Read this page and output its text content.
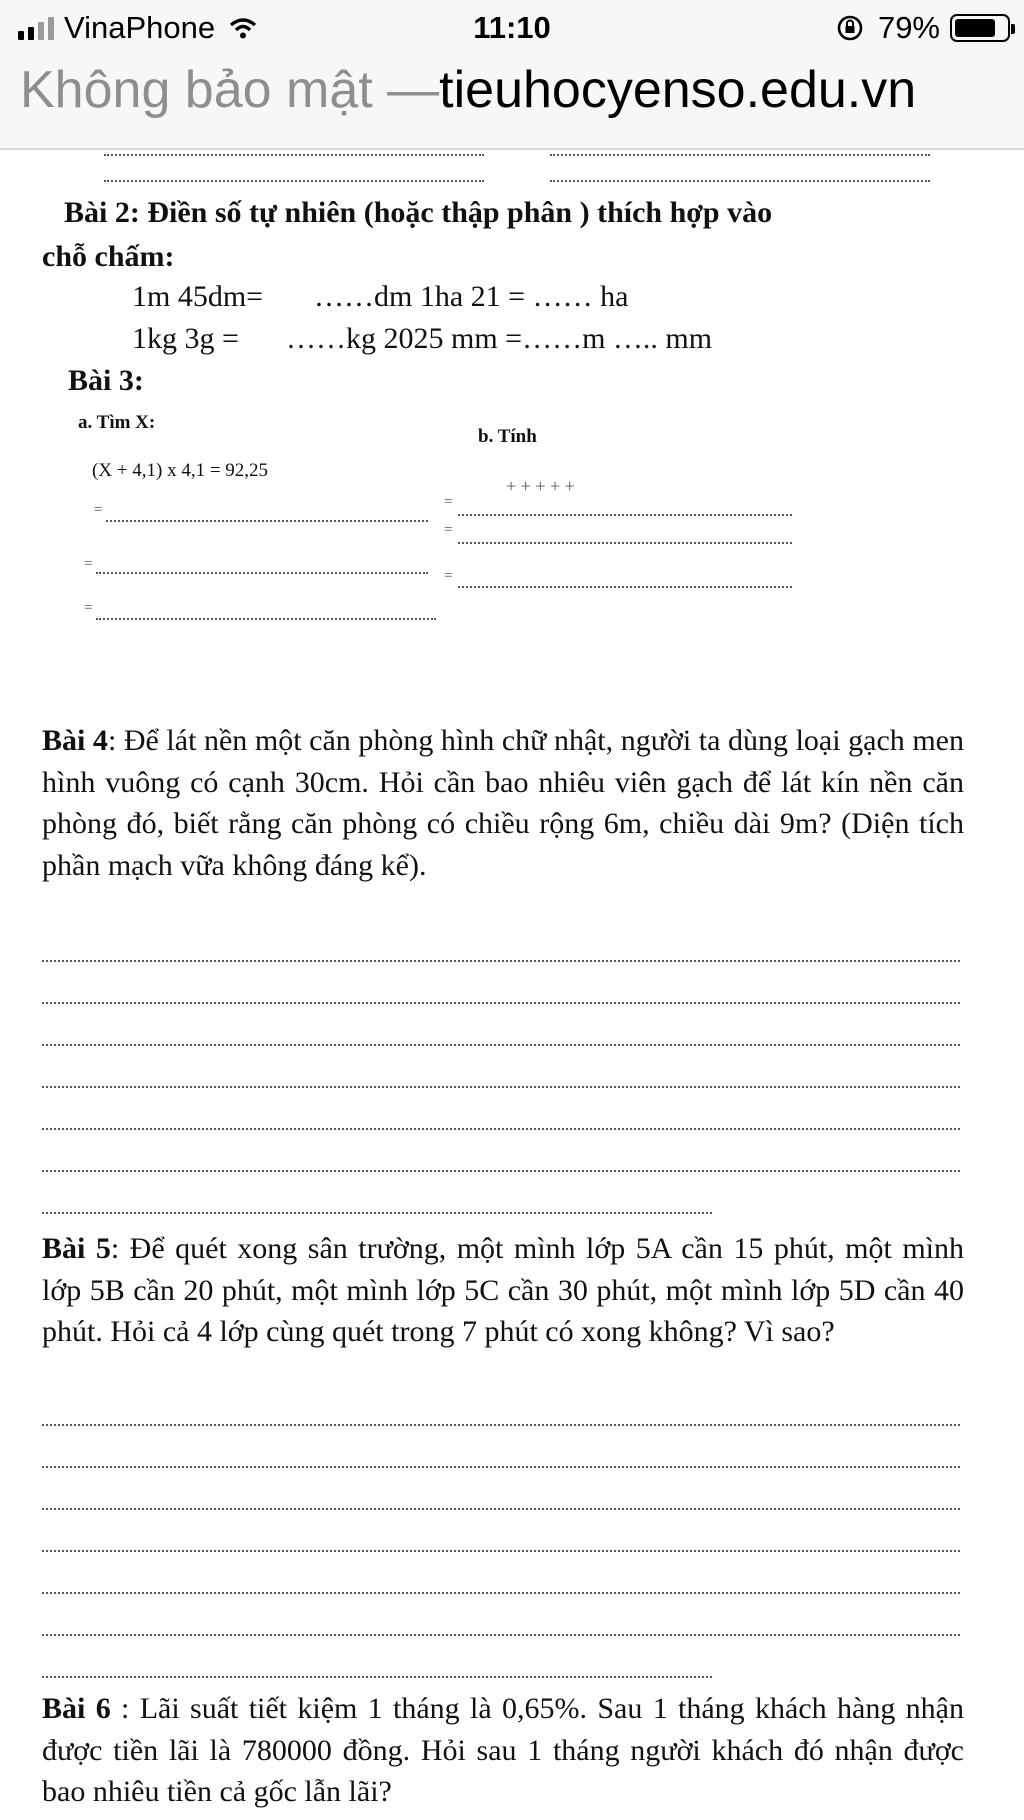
VinaPhone	11:10	79%
Không bảo mật —tieuhocyenso.edu.vn
Bài 2: Điền số tự nhiên (hoặc thập phân ) thích hợp vào
chỗ chấm:
1m 45dm= ……dm 1ha 21 = …… ha
1kg 3g = ……kg 2025 mm =……m ….. mm
Bài 3:
a. Tìm X:
b. Tính
(X + 4,1) x 4,1 = 92,25
+ + + + +
=
=
=
=
=
=
Bài 4: Để lát nền một căn phòng hình chữ nhật, người ta dùng loại gạch men hình vuông có cạnh 30cm. Hỏi cần bao nhiêu viên gạch để lát kín nền căn phòng đó, biết rằng căn phòng có chiều rộng 6m, chiều dài 9m? (Diện tích phần mạch vữa không đáng kể).
Bài 5: Để quét xong sân trường, một mình lớp 5A cần 15 phút, một mình lớp 5B cần 20 phút, một mình lớp 5C cần 30 phút, một mình lớp 5D cần 40 phút. Hỏi cả 4 lớp cùng quét trong 7 phút có xong không? Vì sao?
Bài 6 : Lãi suất tiết kiệm 1 tháng là 0,65%. Sau 1 tháng khách hàng nhận được tiền lãi là 780000 đồng. Hỏi sau 1 tháng người khách đó nhận được bao nhiêu tiền cả gốc lẫn lãi?
